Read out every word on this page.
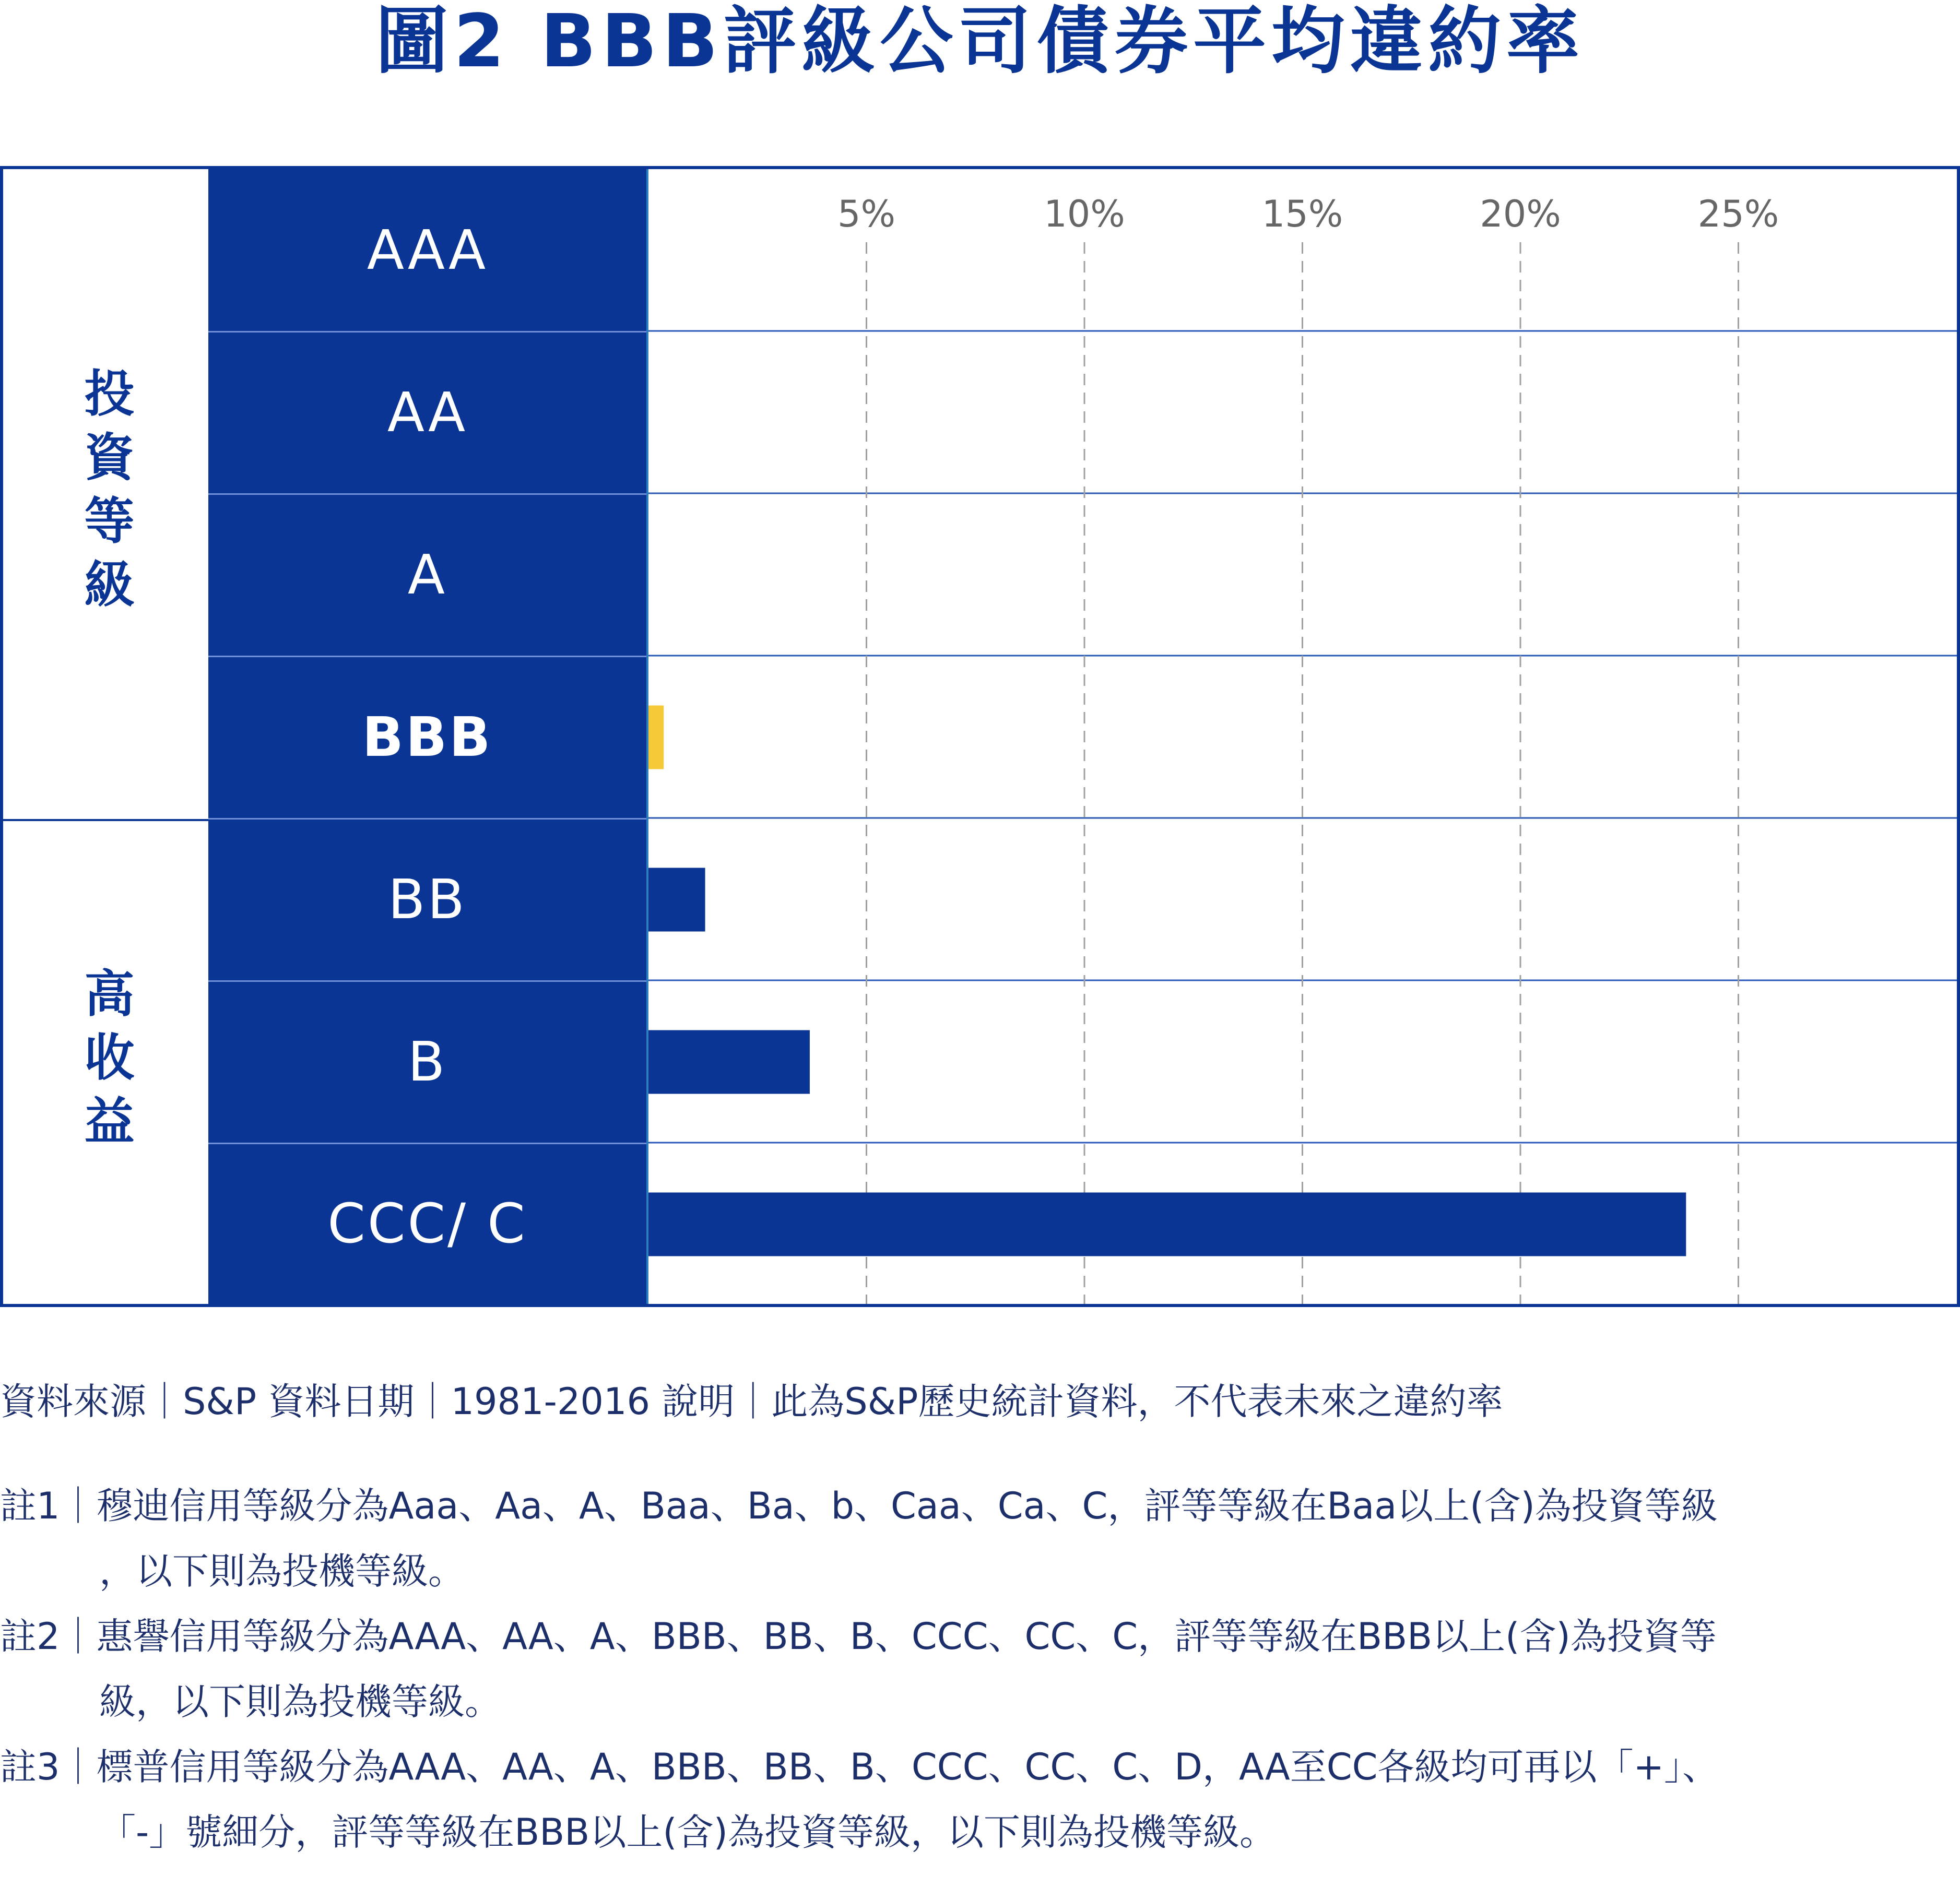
圖2 BBB評級公司債券平均違約率
投資等級
高收益
AAA
AA
A
BBB
BB
B
CCC/ C
5%	10%	15%	20%	25%
資料來源｜S&P 資料日期｜1981-2016 說明｜此為S&P歷史統計資料，不代表未來之違約率
註1｜穆迪信用等級分為Aaa、Aa、A、Baa、Ba、b、Caa、Ca、C，評等等級在Baa以上(含)為投資等級
，以下則為投機等級。
註2｜惠譽信用等級分為AAA、AA、A、BBB、BB、B、CCC、CC、C，評等等級在BBB以上(含)為投資等
級，以下則為投機等級。
註3｜標普信用等級分為AAA、AA、A、BBB、BB、B、CCC、CC、C、D，AA至CC各級均可再以「+」、
「-」號細分，評等等級在BBB以上(含)為投資等級，以下則為投機等級。
